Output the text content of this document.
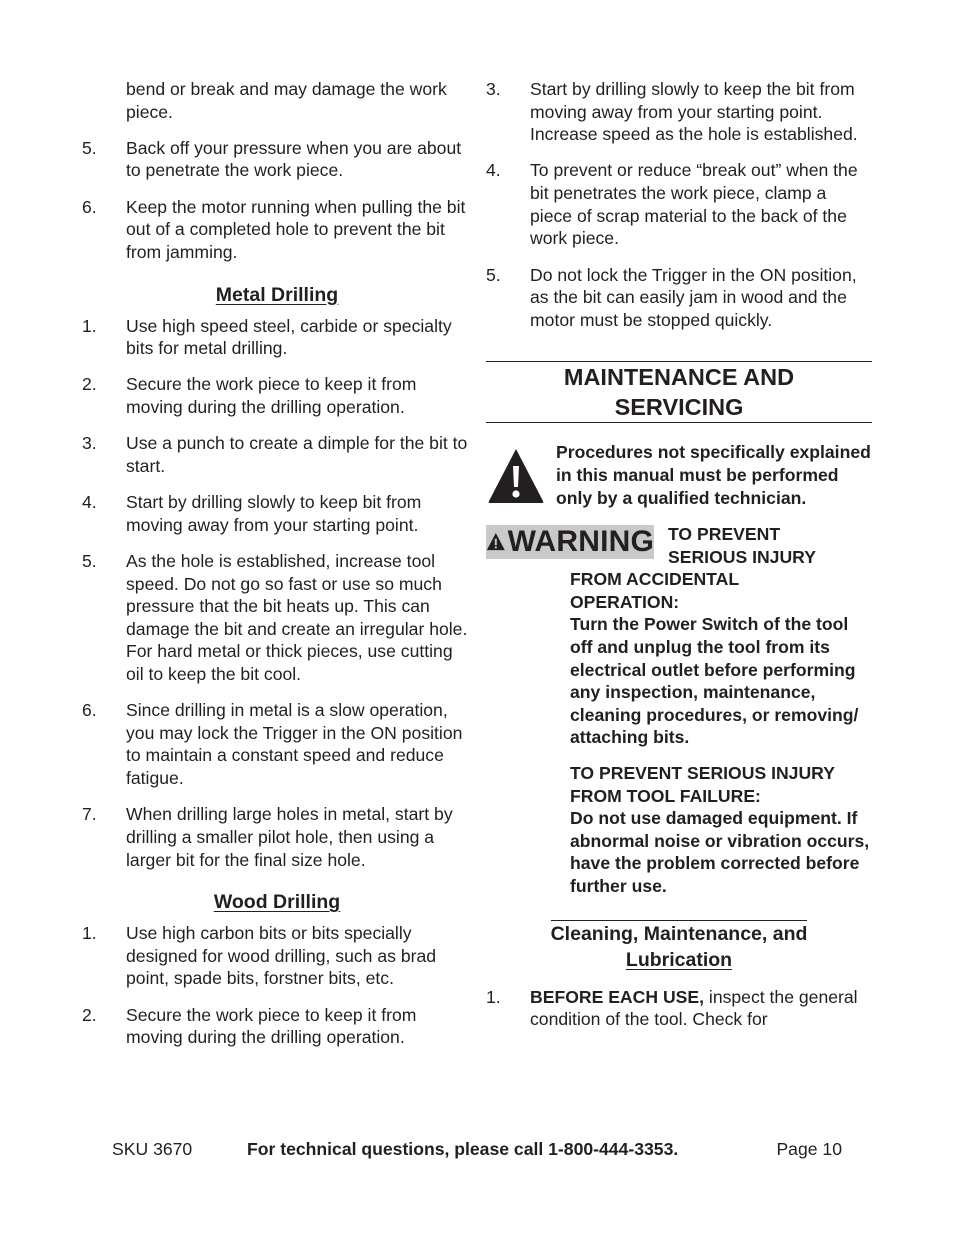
bend or break and may damage the work piece.

5.	Back off your pressure when you are about to penetrate the work piece.
6.	Keep the motor running when pulling the bit out of a completed hole to prevent the bit from jamming.
Metal Drilling
1.	Use high speed steel, carbide or specialty bits for metal drilling.
2.	Secure the work piece to keep it from moving during the drilling operation.
3.	Use a punch to create a dimple for the bit to start.
4.	Start by drilling slowly to keep bit from moving away from your starting point.
5.	As the hole is established, increase tool speed. Do not go so fast or use so much pressure that the bit heats up. This can damage the bit and create an irregular hole. For hard metal or thick pieces, use cutting oil to keep the bit cool.
6.	Since drilling in metal is a slow operation, you may lock the Trigger in the ON position to maintain a constant speed and reduce fatigue.
7.	When drilling large holes in metal, start by drilling a smaller pilot hole, then using a larger bit for the final size hole.
Wood Drilling
1.	Use high carbon bits or bits specially designed for wood drilling, such as brad point, spade bits, forstner bits, etc.
2.	Secure the work piece to keep it from moving during the drilling operation.
3.	Start by drilling slowly to keep the bit from moving away from your starting point. Increase speed as the hole is established.
4.	To prevent or reduce “break out” when the bit penetrates the work piece, clamp a piece of scrap material to the back of the work piece.
5.	Do not lock the Trigger in the ON position, as the bit can easily jam in wood and the motor must be stopped quickly.
MAINTENANCE AND
SERVICING

Procedures not specifically explained in this manual must be performed only by a qualified technician.

WARNING TO PREVENT
SERIOUS INJURY
FROM ACCIDENTAL
OPERATION:
Turn the Power Switch of the tool off and unplug the tool from its electrical outlet before performing any inspection, maintenance, cleaning procedures, or removing/ attaching bits.
TO PREVENT SERIOUS INJURY FROM TOOL FAILURE:
Do not use damaged equipment. If abnormal noise or vibration occurs, have the problem corrected before further use.
Cleaning, Maintenance, and
Lubrication
1.	BEFORE EACH USE, inspect the general condition of the tool. Check for
SKU 3670	For technical questions, please call 1-800-444-3353.	Page 10
